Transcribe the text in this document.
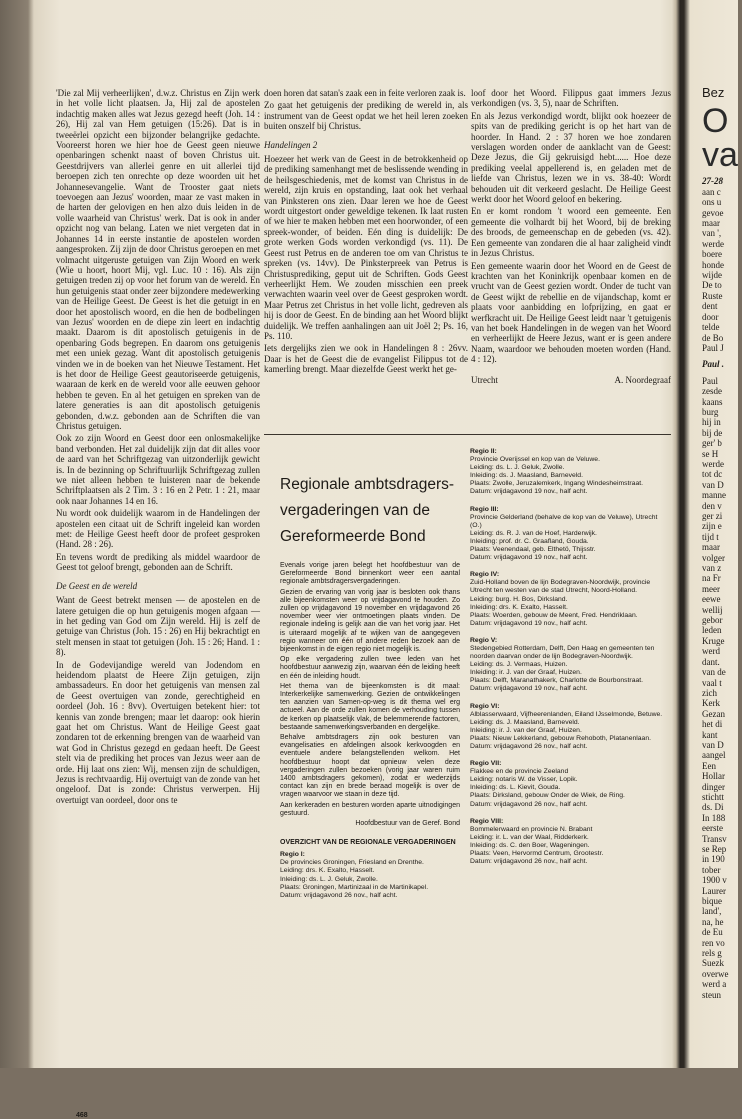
'Die zal Mij verheerlijken', d.w.z. Christus en Zijn werk in het volle licht plaatsen. Ja, Hij zal de apostelen indachtig maken alles wat Jezus gezegd heeft (Joh. 14 : 26), Hij zal van Hem getuigen (15:26). Dat is in tweeërlei opzicht een bijzonder belangrijke gedachte. Vooreerst horen we hier hoe de Geest geen nieuwe openbaringen schenkt naast of boven Christus uit. Geestdrijvers van allerlei genre en uit allerlei tijd beroepen zich ten onrechte op deze woorden uit het Johannesevangelie. Want de Trooster gaat niets toevoegen aan Jezus' woorden, maar ze vast maken in de harten der gelovigen en hen alzo duis leiden in de volle waarheid van Christus' werk. Dat is ook in ander opzicht nog van belang. Laten we niet vergeten dat in Johannes 14 in eerste instantie de apostelen worden aangesproken. Zij zijn de door Christus geroepen en met volmacht uitgeruste getuigen van Zijn Woord en werk (Wie u hoort, hoort Mij, vgl. Luc. 10 : 16). Als zijn getuigen treden zij op voor het forum van de wereld. En hun getuigenis staat onder zeer bijzondere medewerking van de Heilige Geest. De Geest is het die getuigt in en door het apostolisch woord, en die hen de bodbelingen van Jezus' woorden en de diepe zin leert en indachtig maakt. Daarom is dit apostolisch getuigenis in de openbaring Gods begrepen. En daarom ons getuigenis met een uniek gezag. Want dit apostolisch getuigenis vinden we in de boeken van het Nieuwe Testament. Het is het door de Heilige Geest geautoriseerde getuigenis, waaraan de kerk en de wereld voor alle eeuwen gehoor hebben te geven. En al het getuigen en spreken van de latere generaties is aan dit apostolisch getuigenis gebonden, d.w.z. gebonden aan de Schriften die van Christus getuigen.

Ook zo zijn Woord en Geest door een onlosmakelijke band verbonden. Het zal duidelijk zijn dat dit alles voor de aard van het Schriftgezag van uitzonderlijk gewicht is. In de bezinning op Schriftuurlijk Schriftgezag zullen we niet alleen hebben te luisteren naar de bekende Schriftplaatsen als 2 Tim. 3 : 16 en 2 Petr. 1 : 21, maar ook naar Johannes 14 en 16.

Nu wordt ook duidelijk waarom in de Handelingen der apostelen een citaat uit de Schrift ingeleid kan worden met: de Heilige Geest heeft door de profeet gesproken (Hand. 28 : 26).

En tevens wordt de prediking als middel waardoor de Geest tot geloof brengt, gebonden aan de Schrift.

De Geest en de wereld

Want de Geest betrekt mensen — de apostelen en de latere getuigen die op hun getuigenis mogen afgaan — in het geding van God om Zijn wereld. Hij is zelf de getuige van Christus (Joh. 15 : 26) en Hij bekrachtigt en stelt mensen in staat tot getuigen (Joh. 15 : 26; Hand. 1 : 8).

In de Godevijandige wereld van Jodendom en heidendom plaatst de Heere Zijn getuigen, zijn ambassadeurs. En door het getuigenis van mensen zal de Geest overtuigen van zonde, gerechtigheid en oordeel (Joh. 16 : 8vv). Overtuigen betekent hier: tot kennis van zonde brengen; maar let daarop: ook hierin gaat het om Christus. Want de Heilige Geest gaat zondaren tot de erkenning brengen van de waarheid van wat God in Christus gezegd en gedaan heeft. De Geest stelt via de prediking het proces van Jezus weer aan de orde. Hij laat ons zien: Wij, mensen zijn de schuldigen, Jezus is rechtvaardig. Hij overtuigt van de zonde van het ongeloof. Dat is zonde: Christus verwerpen. Hij overtuigt van oordeel, door ons te

doen horen dat satan's zaak een in feite verloren zaak is.

Zo gaat het getuigenis der prediking de wereld in, als instrument van de Geest opdat we het heil leren zoeken buiten onszelf bij Christus.

Handelingen 2

Hoezeer het werk van de Geest in de betrokkenheid op de prediking samenhangt met de beslissende wending in de heilsgeschiedenis, met de komst van Christus in de wereld, zijn kruis en opstanding, laat ook het verhaal van Pinksteren ons zien. Daar leren we hoe de Geest wordt uitgestort onder geweldige tekenen. Ik laat rusten of we hier te maken hebben met een hoorwonder, of een spreek-wonder, of beiden. Eén ding is duidelijk: De grote werken Gods worden verkondigd (vs. 11). De Geest rust Petrus en de anderen toe om van Christus te spreken (vs. 14vv). De Pinksterpreek van Petrus is Christusprediking, geput uit de Schriften. Gods Geest verheerlijkt Hem. We zouden misschien een preek verwachten waarin veel over de Geest gesproken wordt. Maar Petrus zet Christus in het volle licht, gedreven als hij is door de Geest. En de binding aan het Woord blijkt duidelijk. We treffen aanhalingen aan uit Joël 2; Ps. 16, Ps. 110.

Iets dergelijks zien we ook in Handelingen 8 : 26vv. Daar is het de Geest die de evangelist Filippus tot de kamerling brengt. Maar diezelfde Geest werkt het ge-

loof door het Woord. Filippus gaat immers Jezus verkondigen (vs. 3, 5), naar de Schriften.

En als Jezus verkondigd wordt, blijkt ook hoezeer de spits van de prediking gericht is op het hart van de hoorder. In Hand. 2 : 37 horen we hoe zondaren verslagen worden onder de aanklacht van de Geest: Deze Jezus, die Gij gekruisigd hebt...... Hoe deze prediking veelal appellerend is, en geladen met de liefde van Christus, lezen we in vs. 38-40: Wordt behouden uit dit verkeerd geslacht. De Heilige Geest werkt door het Woord geloof en bekering.

En er komt rondom 't woord een gemeente. Een gemeente die volhardt bij het Woord, bij de breking des broods, de gemeenschap en de gebeden (vs. 42). Een gemeente van zondaren die al haar zaligheid vindt in Jezus Christus.

Een gemeente waarin door het Woord en de Geest de krachten van het Koninkrijk openbaar komen en de vrucht van de Geest gezien wordt. Onder de tucht van de Geest wijkt de rebellie en de vijandschap, komt er plaats voor aanbidding en lofprijzing, en gaat er werfkracht uit. De Heilige Geest leidt naar 't getuigenis van het boek Handelingen in de wegen van het Woord en verheerlijkt de Heere Jezus, want er is geen andere Naam, waardoor we behouden moeten worden (Hand. 4 : 12).

Utrecht	A. Noordegraaf
Regionale ambtsdragers-vergaderingen van de Gereformeerde Bond

Evenals vorige jaren belegt het hoofdbestuur van de Gereformeerde Bond binnenkort weer een aantal regionale ambtsdragersvergaderingen.

Gezien de ervaring van vorig jaar is besloten ook thans alle bijeenkomsten weer op vrijdagavond te houden. Zo zullen op vrijdagavond 19 november en vrijdagavond 26 november weer vier ontmoetingen plaats vinden. De regionale indeling is gelijk aan die van het vorig jaar. Het is uiteraard mogelijk af te wijken van de aangegeven regio wanneer om één of andere reden bezoek aan de bijeenkomst in de eigen regio niet mogelijk is.

Op elke vergadering zullen twee leden van het hoofdbestuur aanwezig zijn, waarvan één de leiding heeft en één de inleiding houdt.

Het thema van de bijeenkomsten is dit maal: Interkerkelijke samenwerking. Gezien de ontwikkelingen ten aanzien van Samen-op-weg is dit thema wel erg actueel. Aan de orde zullen komen de verhouding tussen de kerken op plaatselijk vlak, de belemmerende factoren, bestaande samenwerkingsverbanden en dergelijke.

Behalve ambtsdragers zijn ook besturen van evangelisaties en afdelingen alsook kerkvoogden en eventuele andere belangstellenden welkom. Het hoofdbestuur hoopt dat opnieuw velen deze vergaderingen zullen bezoeken (vorig jaar waren ruim 1400 ambtsdragers gekomen), zodat er wederzijds contact kan zijn en brede beraad mogelijk is over de vragen waarvoor we staan in deze tijd.

Aan kerkeraden en besturen worden aparte uitnodigingen gestuurd.

Hoofdbestuur van de Geref. Bond

OVERZICHT VAN DE REGIONALE VERGADERINGEN
Regio I:
De provincies Groningen, Friesland en Drenthe.
Leiding: drs. K. Exalto, Hasselt.
Inleiding: ds. L. J. Geluk, Zwolle.
Plaats: Groningen, Martinizaal in de Martinikapel.
Datum: vrijdagavond 26 nov., half acht.
Regio II:
Provincie Overijssel en kop van de Veluwe.
Leiding: ds. L. J. Geluk, Zwolle.
Inleiding: ds. J. Maasland, Barneveld.
Plaats: Zwolle, Jeruzalemkerk, Ingang Windesheimstraat.
Datum: vrijdagavond 19 nov., half acht.
Regio III:
Provincie Gelderland (behalve de kop van de Veluwe), Utrecht (O.)
Leiding: ds. R. J. van de Hoef, Harderwijk.
Inleiding: prof. dr. C. Graafland, Gouda.
Plaats: Veenendaal, geb. Elthetö, Thijsstr.
Datum: vrijdagavond 19 nov., half acht.
Regio IV:
Zuid-Holland boven de lijn Bodegraven-Noordwijk, provincie Utrecht ten westen van de stad Utrecht, Noord-Holland.
Leiding: burg. H. Bos, Dirksland.
Inleiding: drs. K. Exalto, Hasselt.
Plaats: Woerden, gebouw de Meent, Fred. Hendriklaan.
Datum: vrijdagavond 19 nov., half acht.
Regio V:
Stedengebied Rotterdam, Delft, Den Haag en gemeenten ten noorden daarvan onder de lijn Bodegraven-Noordwijk.
Leiding: ds. J. Vermaas, Huizen.
Inleiding: ir. J. van der Graaf, Huizen.
Plaats: Delft, Maranathakerk, Charlotte de Bourbonstraat.
Datum: vrijdagavond 19 nov., half acht.
Regio VI:
Alblasserwaard, Vijfheerenlanden, Eiland IJsselmonde, Betuwe.
Leiding: ds. J. Maasland, Barneveld.
Inleiding: ir. J. van der Graaf, Huizen.
Plaats: Nieuw Lekkerland, gebouw Rehoboth, Platanenlaan.
Datum: vrijdagavond 26 nov., half acht.
Regio VII:
Flakkee en de provincie Zeeland
Leiding: notaris W. de Visser, Lopik.
Inleiding: ds. L. Kievit, Gouda.
Plaats: Dirksland, gebouw Onder de Wiek, de Ring.
Datum: vrijdagavond 26 nov., half acht.
Regio VIII:
Bommelerwaard en provincie N. Brabant
Leiding: ir. L. van der Waal, Ridderkerk.
Inleiding: ds. C. den Boer, Wageningen.
Plaats: Veen, Hervormd Centrum, Grootestr.
Datum: vrijdagavond 26 nov., half acht.
468
Bez
O
va
27-28
aan c
ons u
gevoe
maar
van ',
werde
boere
honde
wijde
De to
Ruste
dent
door
telde
de Bo
Paul J
Paul .
Paul
zesde
kaans
burg
hij in
bij de
ger' b
se H
werde
tot dc
van D
manne
den v
ger zi
zijn e
tijd t
maar
volger
van z
na Fr
meer
eewe
wellij
gebor
leden
Kruge
werd
dant.
van de
vaal t
zich
Kerk
Gezan
het di
kant
van D
aangel
Een
Hollar
dinger
stichtt
ds. Di
In 188
eerste
Transv
se Rep
in 190
tober
1900 v
Laurer
bique
land',
na, he
de Eu
ren vo
rels g
Suezk
overwe
werd a
steun
